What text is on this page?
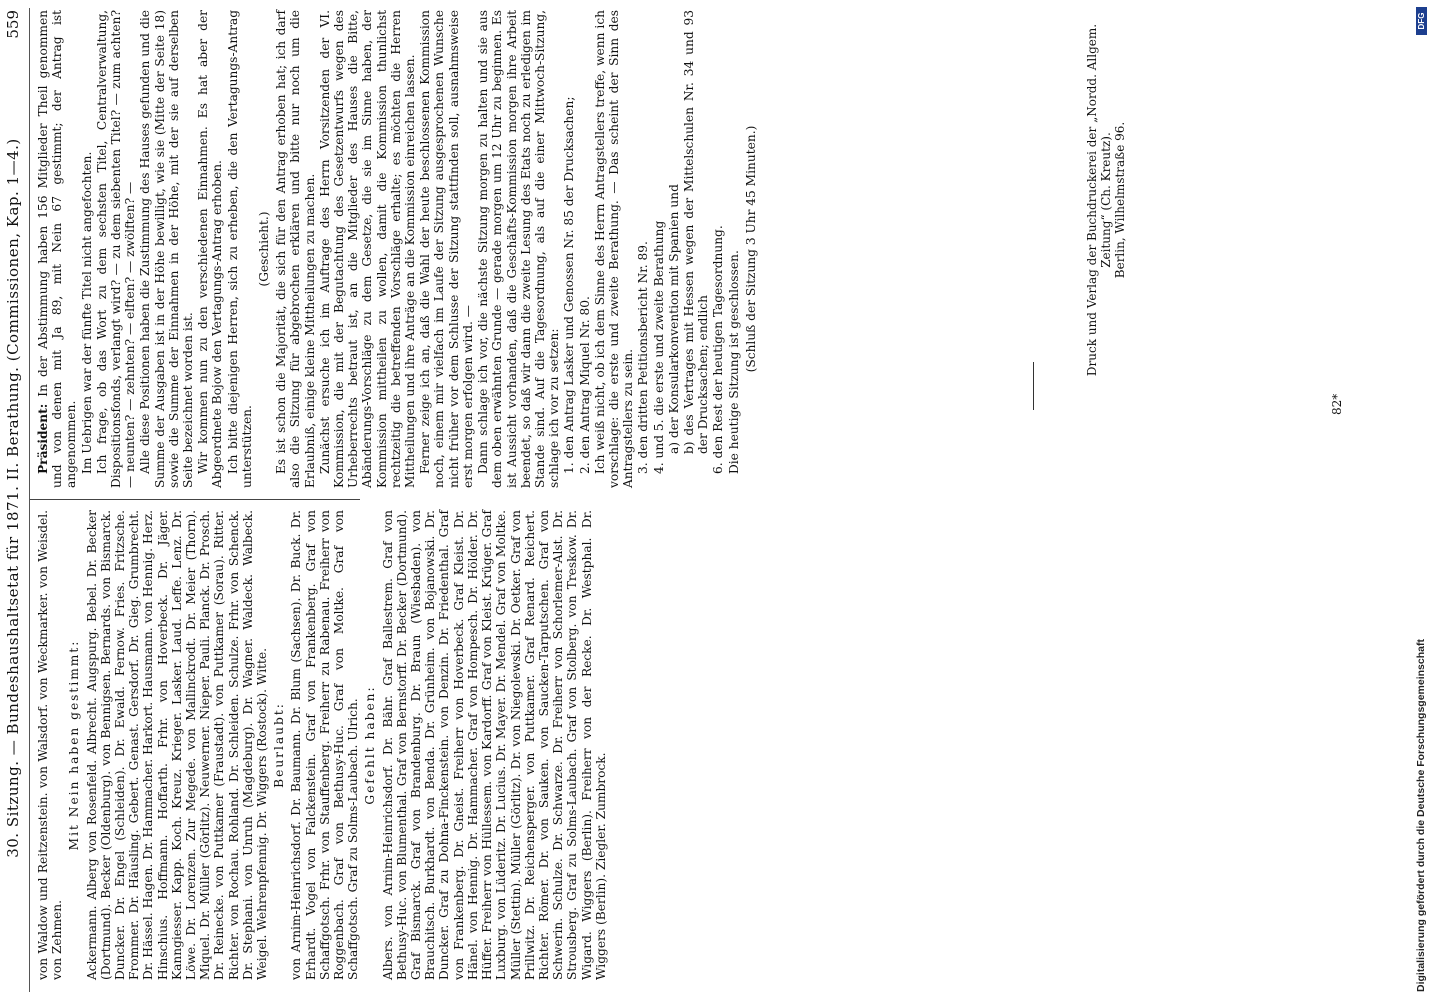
30. Sitzung. — Bundeshaushaltsetat für 1871. II. Berathung. (Commissionen, Kap. 1—4.)
559

von Waldow und Reitzenstein. von Walsdorf. von Weckmarker. von Weisdel. von Zehmen.

Mit Nein haben gestimmt: Ackermann. Alberg von Rosenfeld. Albrecht. Augspurg. Bebel. Dr. Becker (Dortmund). Becker (Oldenburg). von Bennigsen. Bernards. von Bismarck. Duncker. Dr. Engel (Schleiden). Dr. Ewald. Fernow. Fries. Fritzsche. Frommer. Dr. Häusling. Gebert. Genast. Gersdorf. Dr. Gieg. Grumbrecht. Dr. Hässel. Hagen. Dr. Hammacher. Harkort. Hausmann. von Hennig. Herz. Hinschius. Hoffmann. Hoffarth. Frhr. von Hoverbeck. Dr. Jäger. Kanngiesser. Kapp. Koch. Kreuz. Krieger. Lasker. Laud. Leffe. Lenz. Dr. Löwe. Dr. Lorenzen. Zur Megede. von Mallinckrodt. Dr. Meier (Thorn). Miquel. Dr. Müller (Görlitz). Neuwerner. Nieper. Pauli. Planck. Dr. Prosch. Dr. Reinecke. von Puttkamer (Fraustadt). von Puttkamer (Sorau). Ritter. Richter. von Rochau. Rohland. Dr. Schleiden. Schulze. Frhr. von Schenck. Dr. Stephani. von Unruh (Magdeburg). Dr. Wagner. Waldeck. Walbeck. Weigel. Wehrenpfennig. Dr. Wiggers (Rostock). Witte. Beurlaubt: von Arnim-Heinrichsdorf. Dr. Baumann. Dr. Blum (Sachsen). Dr. Buck. Dr. Erhardt. Vogel von Falckenstein. Graf von Frankenberg. Graf von Schaffgotsch. Frhr. von Stauffenberg. Freiherr zu Rabenau. Freiherr von Roggenbach. Graf von Bethusy-Huc. Graf von Moltke. Graf von Schaffgotsch. Graf zu Solms-Laubach. Ulrich. Gefehlt haben: Albers. von Arnim-Heinrichsdorf. Dr. Bähr. Graf Ballestrem. Graf von Bethusy-Huc. von Blumenthal. Graf von Bernstorff. Dr. Becker (Dortmund). Graf Bismarck. Graf von Brandenburg. Dr. Braun (Wiesbaden). von Brauchitsch. Burkhardt. von Benda. Dr. Grünheim. von Bojanowski. Dr. Duncker. Graf zu Dohna-Finckenstein. von Denzin. Dr. Friedenthal. Graf von Frankenberg. Dr. Gneist. Freiherr von Hoverbeck. Graf Kleist. Dr. Hänel. von Hennig. Dr. Hammacher. Graf von Hompesch. Dr. Hölder. Dr. Hüffer. Freiherr von Hüllessem. von Kardorff. Graf von Kleist. Krüger. Graf Luxburg. von Lüderitz. Dr. Lucius. Dr. Mayer. Dr. Mendel. Graf von Moltke. Müller (Stettin). Müller (Görlitz). Dr. von Niegolewski. Dr. Oetker. Graf von Prillwitz. Dr. Reichensperger. von Puttkamer. Graf Renard. Reichert. Richter. Römer. Dr. von Sauken. von Saucken-Tarputschen. Graf von Schwerin. Schulze. Dr. Schwarze. Dr. Freiherr von Schorlemer-Alst. Dr. Strousberg. Graf zu Solms-Laubach. Graf von Stolberg. von Treskow. Dr. Wigard. Wiggers (Berlin). Freiherr von der Recke. Dr. Westphal. Dr. Wiggers (Berlin). Ziegler. Zumbrock.

Präsident: In der Abstimmung haben 156 Mitglieder Theil genommen und von denen mit Ja 89, mit Nein 67 gestimmt; der Antrag ist angenommen. Im Uebrigen war der fünfte Titel nicht angefochten. Ich frage, ob das Wort zu dem sechsten Titel, Centralverwaltung, Dispositionsfonds, verlangt wird? — zu dem siebenten Titel? — zum achten? — neunten? — zehnten? — elften? — zwölften? — Alle diese Positionen haben die Zustimmung des Hauses gefunden und die Summe der Ausgaben ist in der Höhe bewilligt, wie sie (Mitte der Seite 18) sowie die Summe der Einnahmen in der Höhe, mit der sie auf derselben Seite bezeichnet worden ist. Wir kommen nun zu den verschiedenen Einnahmen. Es hat aber der Abgeordnete Bojow den Vertagungs-Antrag erhoben. Ich bitte diejenigen Herren, sich zu erheben, die den Vertagungs-Antrag unterstützen.

(Geschieht.) Es ist schon die Majorität, die sich für den Antrag erhoben hat; ich darf also die Sitzung für abgebrochen erklären und bitte nur noch um die Erlaubniß, einige kleine Mittheilungen zu machen. Zunächst ersuche ich im Auftrage des Herrn Vorsitzenden der VI. Kommission, die mit der Begutachtung des Gesetzentwurfs wegen des Urheberrechts betraut ist, an die Mitglieder des Hauses die Bitte, Abänderungs-Vorschläge zu dem Gesetze, die sie im Sinne haben, der Kommission mittheilen zu wollen, damit die Kommission thunlichst rechtzeitig die betreffenden Vorschläge erhalte; es möchten die Herren Mittheilungen und ihre Anträge an die Kommission einreichen lassen. Ferner zeige ich an, daß die Wahl der heute beschlossenen Kommission noch, einem mir vielfach im Laufe der Sitzung ausgesprochenen Wunsche nicht früher vor dem Schlusse der Sitzung stattfinden soll, ausnahmsweise erst morgen erfolgen wird. — Dann schlage ich vor, die nächste Sitzung morgen zu halten und sie aus dem oben erwähnten Grunde — gerade morgen um 12 Uhr zu beginnen. Es ist Aussicht vorhanden, daß die Geschäfts-Kommission morgen ihre Arbeit beendet, so daß wir dann die zweite Lesung des Etats noch zu erledigen im Stande sind. Auf die Tagesordnung, als auf die einer Mittwoch-Sitzung, schlage ich vor zu setzen: 1. den Antrag Lasker und Genossen Nr. 85 der Drucksachen; 2. den Antrag Miquel Nr. 80. Ich weiß nicht, ob ich dem Sinne des Herrn Antragstellers treffe, wenn ich vorschlage: die erste und zweite Berathung. — Das scheint der Sinn des Antragstellers zu sein. 3. den dritten Petitionsbericht Nr. 89. 4. und 5. die erste und zweite Berathung a) der Konsularkonvention mit Spanien und b) des Vertrages mit Hessen wegen der Mittelschulen Nr. 34 und 93 der Drucksachen; endlich 6. den Rest der heutigen Tagesordnung. Die heutige Sitzung ist geschlossen. (Schluß der Sitzung 3 Uhr 45 Minuten.)	Druck und Verlag der Buchdruckerei der „Nordd. Allgem. Zeitung“ (Ch. Kreutz). Berlin, Wilhelmstraße 96.
82*
Digitalisierung gefördert durch die Deutsche Forschungsgemeinschaft
DFG
